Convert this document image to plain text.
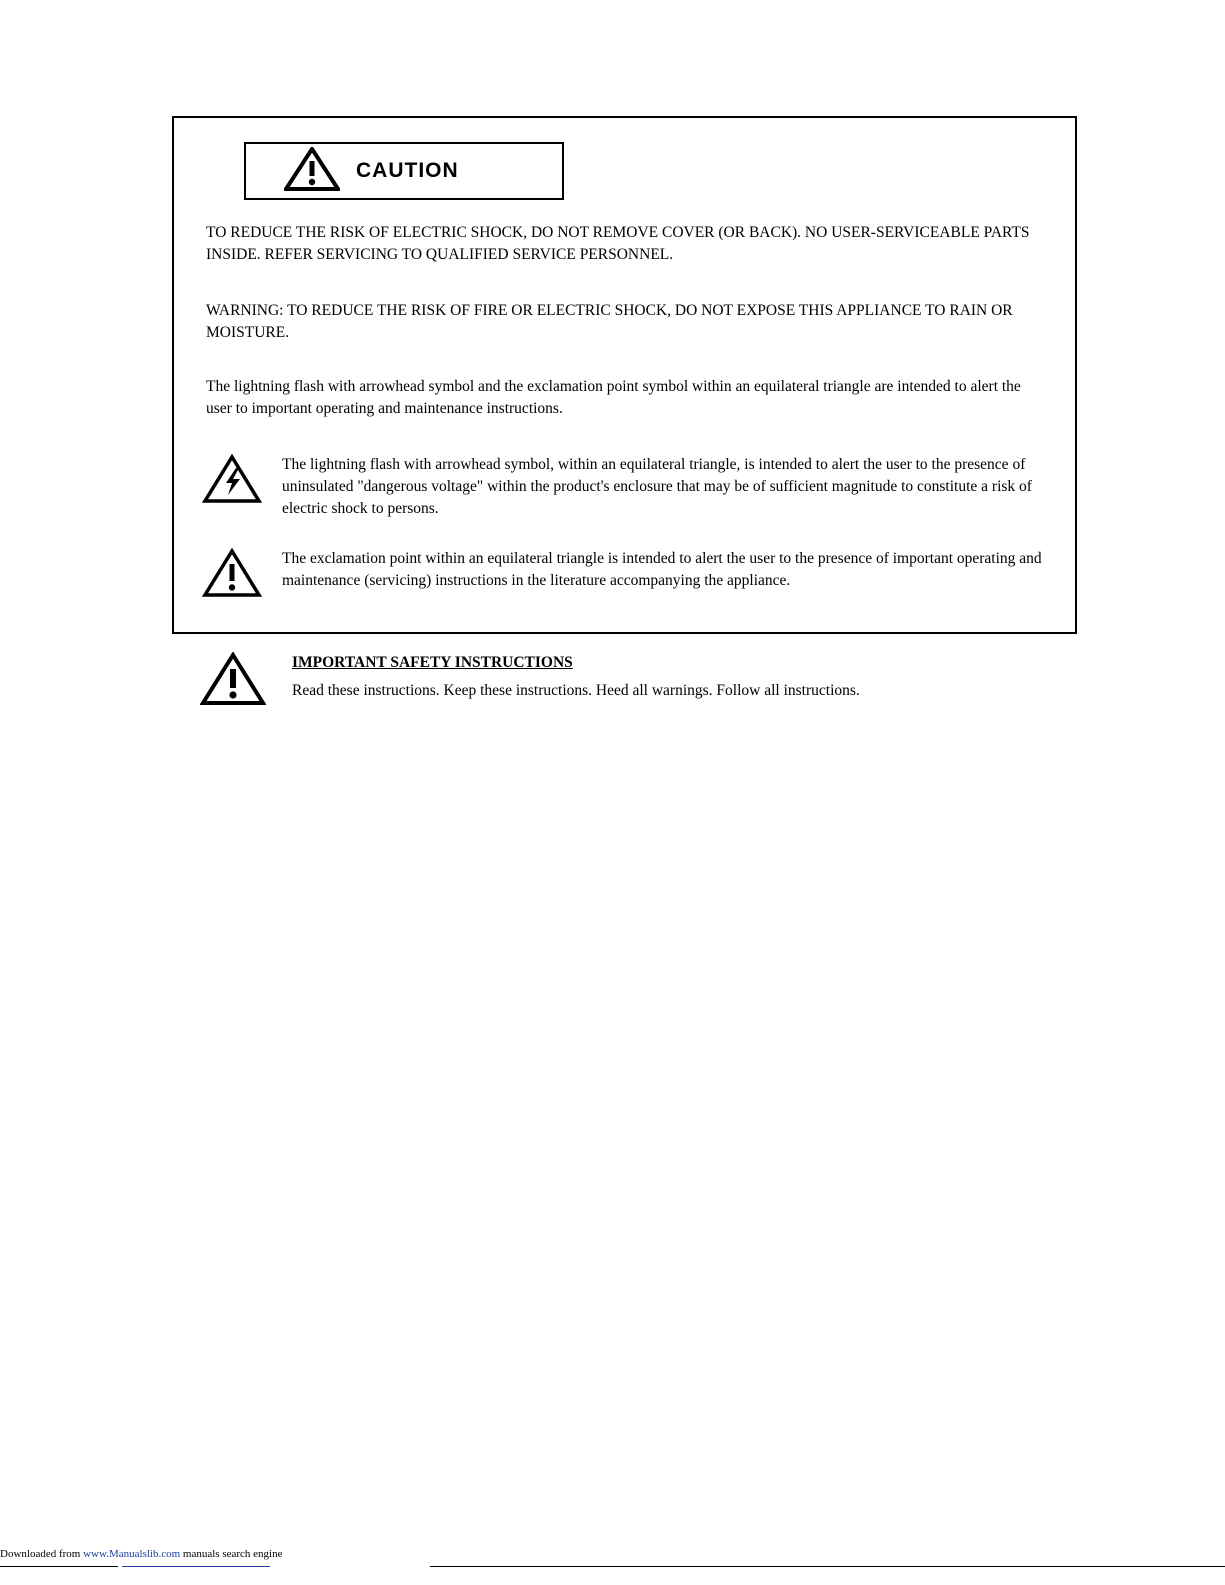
CAUTION
TO REDUCE THE RISK OF ELECTRIC SHOCK, DO NOT REMOVE COVER (OR BACK). NO USER-SERVICEABLE PARTS INSIDE. REFER SERVICING TO QUALIFIED SERVICE PERSONNEL.
WARNING: TO REDUCE THE RISK OF FIRE OR ELECTRIC SHOCK, DO NOT EXPOSE THIS APPLIANCE TO RAIN OR MOISTURE.
The lightning flash with arrowhead symbol and the exclamation point symbol within an equilateral triangle are intended to alert the user to important operating and maintenance instructions.
The lightning flash with arrowhead symbol, within an equilateral triangle, is intended to alert the user to the presence of uninsulated "dangerous voltage" within the product's enclosure that may be of sufficient magnitude to constitute a risk of electric shock to persons.
The exclamation point within an equilateral triangle is intended to alert the user to the presence of important operating and maintenance (servicing) instructions in the literature accompanying the appliance.
IMPORTANT SAFETY INSTRUCTIONS
Read these instructions. Keep these instructions. Heed all warnings. Follow all instructions.
Downloaded from www.Manualslib.com manuals search engine
